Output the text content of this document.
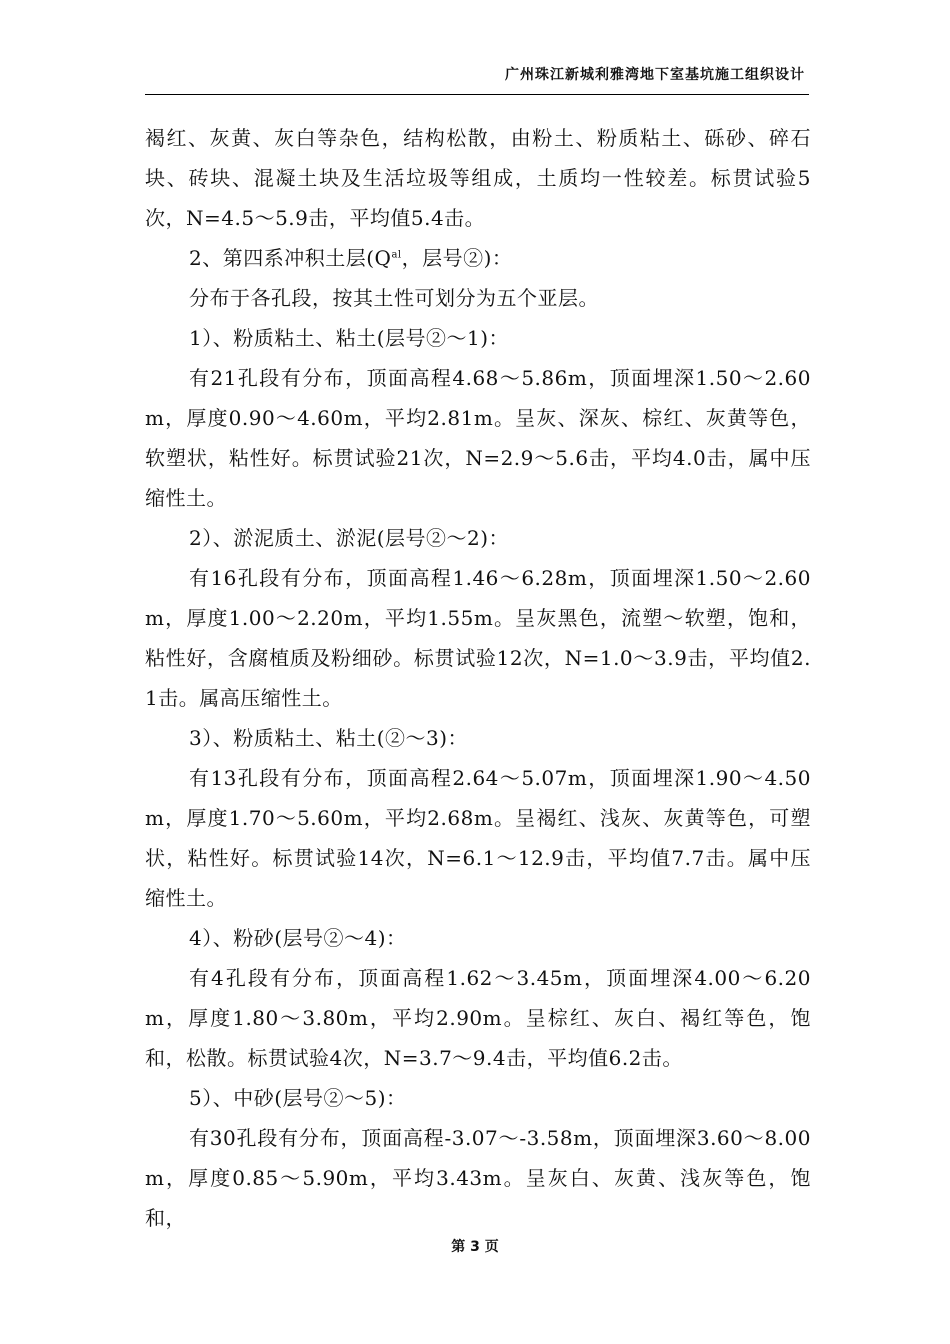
广州珠江新城利雅湾地下室基坑施工组织设计

褐红、灰黄、灰白等杂色，结构松散，由粉土、粉质粘土、砾砂、碎石块、砖块、混凝土块及生活垃圾等组成，土质均一性较差。标贯试验5次，N=4.5～5.9击，平均值5.4击。

2、第四系冲积土层($Q^{al}$，层号②)：

分布于各孔段，按其土性可划分为五个亚层。

1）、粉质粘土、粘土(层号②～1)：

有21孔段有分布，顶面高程4.68～5.86m，顶面埋深1.50～2.60m，厚度0.90～4.60m，平均2.81m。呈灰、深灰、棕红、灰黄等色，软塑状，粘性好。标贯试验21次，N=2.9～5.6击，平均4.0击，属中压缩性土。

2）、淤泥质土、淤泥(层号②～2)：

有16孔段有分布，顶面高程1.46～6.28m，顶面埋深1.50～2.60m，厚度1.00～2.20m，平均1.55m。呈灰黑色，流塑～软塑，饱和，粘性好，含腐植质及粉细砂。标贯试验12次，N=1.0～3.9击，平均值2.1击。属高压缩性土。

3）、粉质粘土、粘土(②～3)：

有13孔段有分布，顶面高程2.64～5.07m，顶面埋深1.90～4.50m，厚度1.70～5.60m，平均2.68m。呈褐红、浅灰、灰黄等色，可塑状，粘性好。标贯试验14次，N=6.1～12.9击，平均值7.7击。属中压缩性土。

4）、粉砂(层号②～4)：

有4孔段有分布，顶面高程1.62～3.45m，顶面埋深4.00～6.20m，厚度1.80～3.80m，平均2.90m。呈棕红、灰白、褐红等色，饱和，松散。标贯试验4次，N=3.7～9.4击，平均值6.2击。

5）、中砂(层号②～5)：

有30孔段有分布，顶面高程-3.07～-3.58m，顶面埋深3.60～8.00m，厚度0.85～5.90m，平均3.43m。呈灰白、灰黄、浅灰等色，饱和，

第 3 页
